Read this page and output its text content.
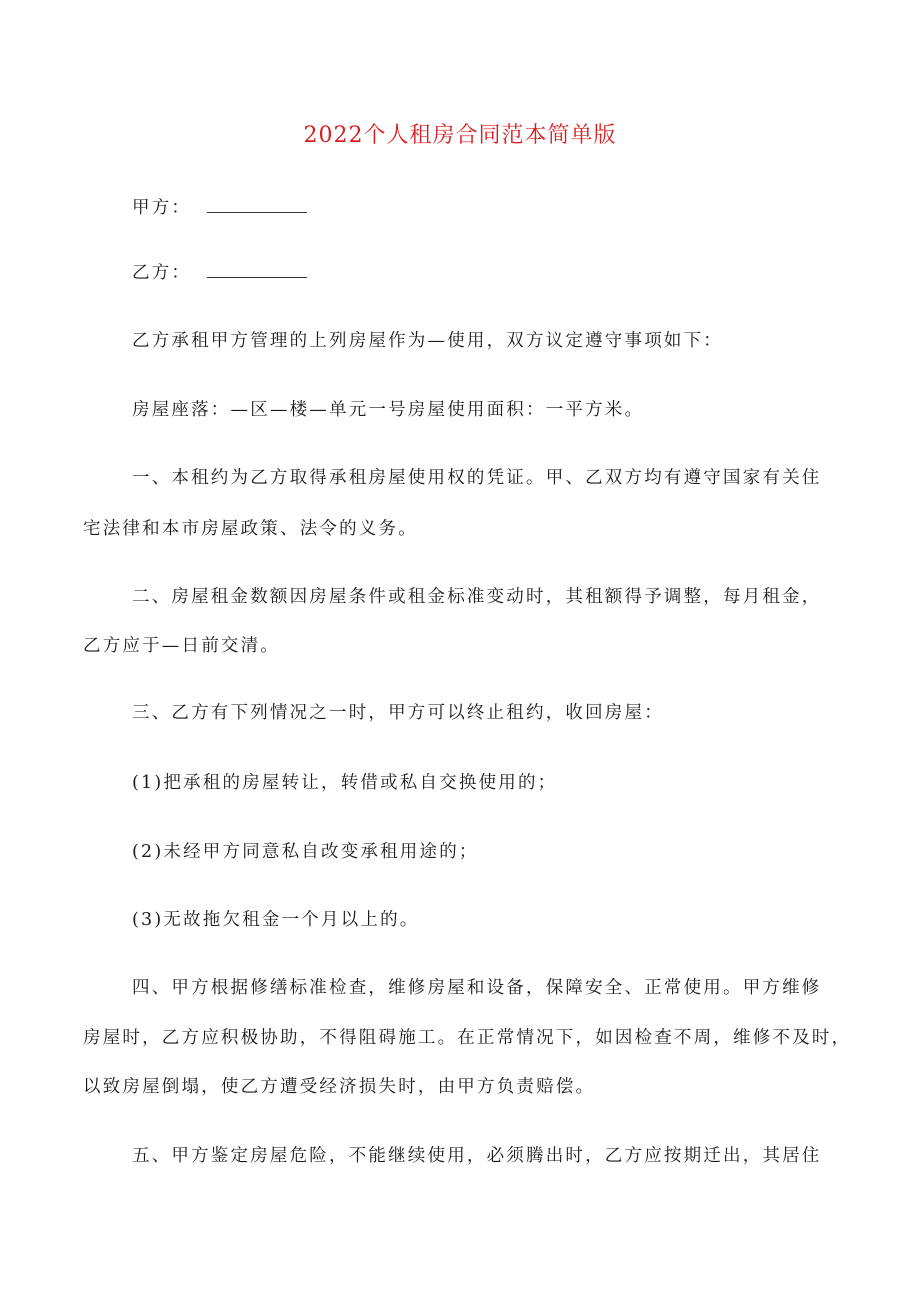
2022个人租房合同范本简单版
甲方：
乙方：
乙方承租甲方管理的上列房屋作为—使用，双方议定遵守事项如下：
房屋座落：—区—楼—单元一号房屋使用面积：一平方米。
一、本租约为乙方取得承租房屋使用权的凭证。甲、乙双方均有遵守国家有关住
宅法律和本市房屋政策、法令的义务。
二、房屋租金数额因房屋条件或租金标准变动时，其租额得予调整，每月租金，
乙方应于—日前交清。
三、乙方有下列情况之一时，甲方可以终止租约，收回房屋：
(1)把承租的房屋转让，转借或私自交换使用的；
(2)未经甲方同意私自改变承租用途的；
(3)无故拖欠租金一个月以上的。
四、甲方根据修缮标准检查，维修房屋和设备，保障安全、正常使用。甲方维修
房屋时，乙方应积极协助，不得阻碍施工。在正常情况下，如因检查不周，维修不及时，
以致房屋倒塌，使乙方遭受经济损失时，由甲方负责赔偿。
五、甲方鉴定房屋危险，不能继续使用，必须腾出时，乙方应按期迁出，其居住
